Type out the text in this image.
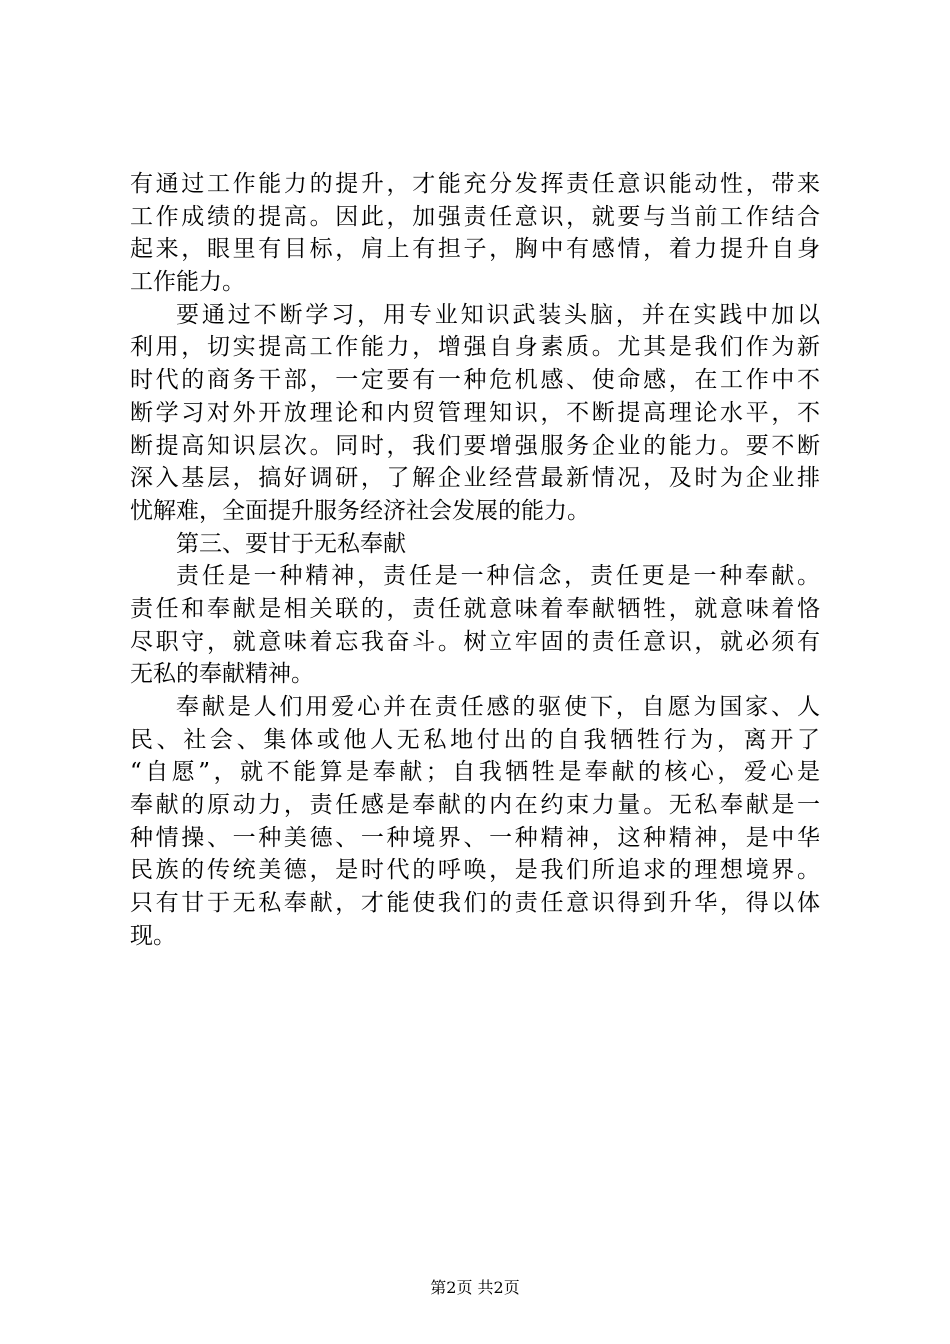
有通过工作能力的提升，才能充分发挥责任意识能动性，带来
工作成绩的提高。因此，加强责任意识，就要与当前工作结合
起来，眼里有目标，肩上有担子，胸中有感情，着力提升自身
工作能力。
要通过不断学习，用专业知识武装头脑，并在实践中加以
利用，切实提高工作能力，增强自身素质。尤其是我们作为新
时代的商务干部，一定要有一种危机感、使命感，在工作中不
断学习对外开放理论和内贸管理知识，不断提高理论水平，不
断提高知识层次。同时，我们要增强服务企业的能力。要不断
深入基层，搞好调研，了解企业经营最新情况，及时为企业排
忧解难，全面提升服务经济社会发展的能力。
第三、要甘于无私奉献
责任是一种精神，责任是一种信念，责任更是一种奉献。
责任和奉献是相关联的，责任就意味着奉献牺牲，就意味着恪
尽职守，就意味着忘我奋斗。树立牢固的责任意识，就必须有
无私的奉献精神。
奉献是人们用爱心并在责任感的驱使下，自愿为国家、人
民、社会、集体或他人无私地付出的自我牺牲行为，离开了
“自愿”，就不能算是奉献；自我牺牲是奉献的核心，爱心是
奉献的原动力，责任感是奉献的内在约束力量。无私奉献是一
种情操、一种美德、一种境界、一种精神，这种精神，是中华
民族的传统美德，是时代的呼唤，是我们所追求的理想境界。
只有甘于无私奉献，才能使我们的责任意识得到升华，得以体
现。
第2页 共2页
